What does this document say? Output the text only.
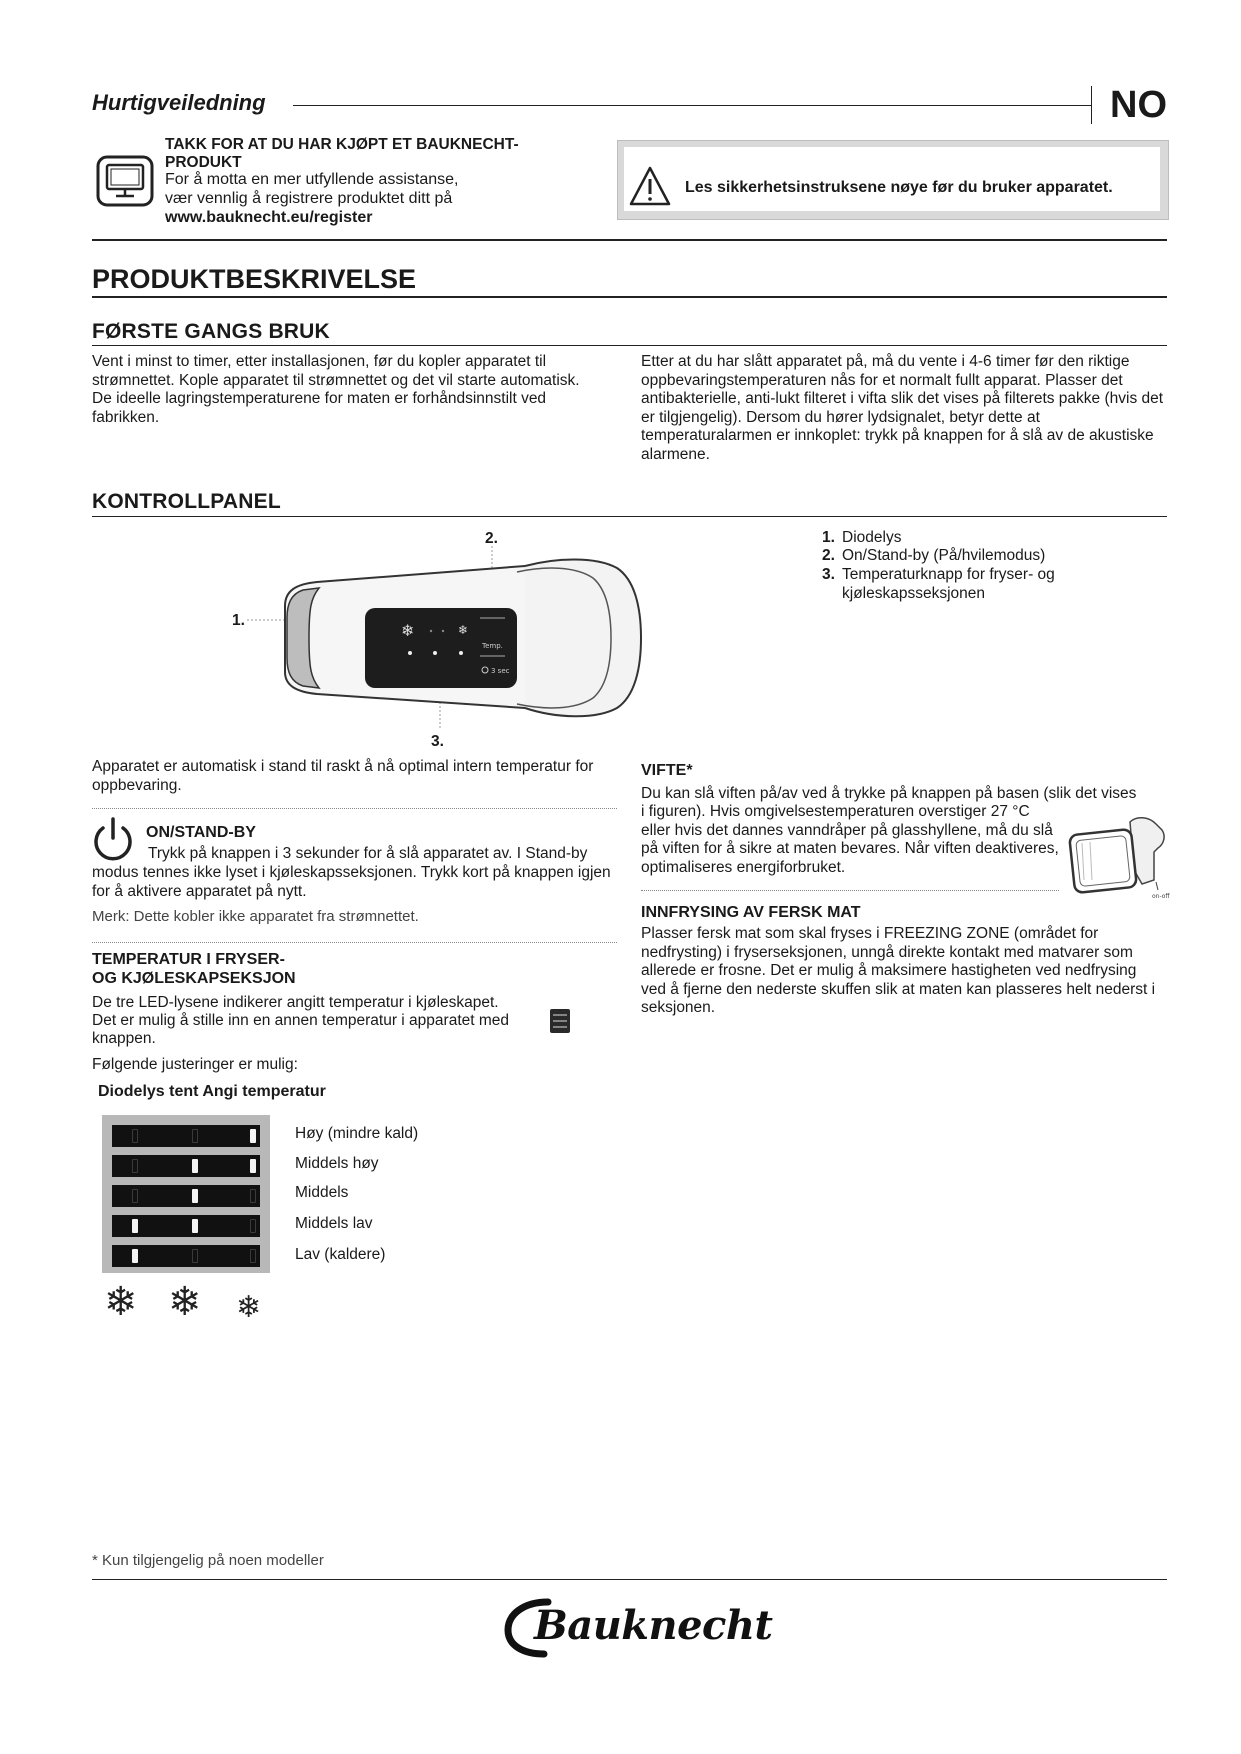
Hurtigveiledning	NO
TAKK FOR AT DU HAR KJØPT ET BAUKNECHT-PRODUKT
For å motta en mer utfyllende assistanse,
vær vennlig å registrere produktet ditt på
www.bauknecht.eu/register
Les sikkerhetsinstruksene nøye før du bruker apparatet.
PRODUKTBESKRIVELSE
FØRSTE GANGS BRUK
Vent i minst to timer, etter installasjonen, før du kopler apparatet til strømnettet. Kople apparatet til strømnettet og det vil starte automatisk. De ideelle lagringstemperaturene for maten er forhåndsinnstilt ved fabrikken.
Etter at du har slått apparatet på, må du vente i 4-6 timer før den riktige oppbevaringstemperaturen nås for et normalt fullt apparat. Plasser det antibakterielle, anti-lukt filteret i vifta slik det vises på filterets pakke (hvis det er tilgjengelig). Dersom du hører lydsignalet, betyr dette at temperaturalarmen er innkoplet: trykk på knappen for å slå av de akustiske alarmene.
KONTROLLPANEL
❄	❄
Temp.
3 sec
2.
1.
3.
1. Diodelys
2. On/Stand-by (På/hvilemodus)
3. Temperaturknapp for fryser- og kjøleskapsseksjonen
Apparatet er automatisk i stand til raskt å nå optimal intern temperatur for oppbevaring.
ON/STAND-BY
Trykk på knappen i 3 sekunder for å slå apparatet av. I Stand-by
modus tennes ikke lyset i kjøleskapsseksjonen. Trykk kort på knappen igjen for å aktivere apparatet på nytt.
Merk: Dette kobler ikke apparatet fra strømnettet.
TEMPERATUR I FRYSER-
OG KJØLESKAPSEKSJON
De tre LED-lysene indikerer angitt temperatur i kjøleskapet.
Det er mulig å stille inn en annen temperatur i apparatet med
knappen.
Følgende justeringer er mulig:
Diodelys tent Angi temperatur
Høy (mindre kald)
Middels høy
Middels
Middels lav
Lav (kaldere)
❄ ❄ ❄
VIFTE*
Du kan slå viften på/av ved å trykke på knappen på basen (slik det vises
i figuren). Hvis omgivelsestemperaturen overstiger 27 °C eller hvis det dannes vanndråper på glasshyllene, må du slå på viften for å sikre at maten bevares. Når viften deaktiveres, optimaliseres energiforbruket.
on-off
INNFRYSING AV FERSK MAT
Plasser fersk mat som skal fryses i FREEZING ZONE (området for nedfrysting) i fryserseksjonen, unngå direkte kontakt med matvarer som allerede er frosne. Det er mulig å maksimere hastigheten ved nedfrysing ved å fjerne den nederste skuffen slik at maten kan plasseres helt nederst i seksjonen.
* Kun tilgjengelig på noen modeller
Bauknecht
